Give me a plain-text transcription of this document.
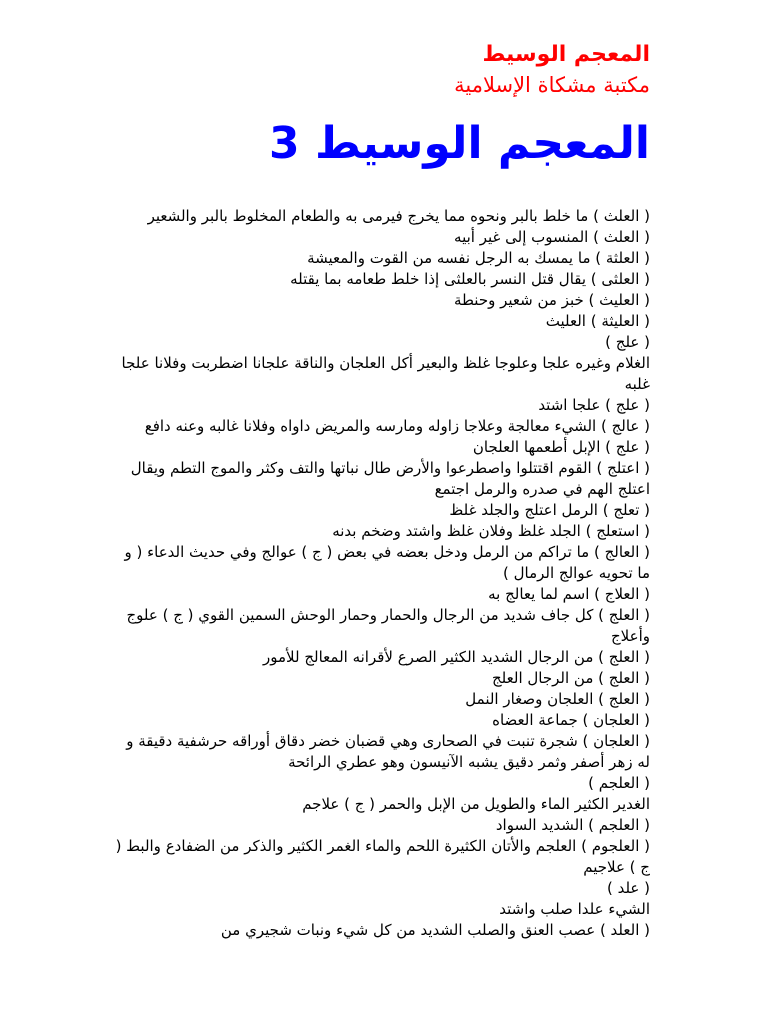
المعجم الوسيط

مكتبة مشكاة الإسلامية

المعجم الوسيط 3
( العلث ) ما خلط بالبر ونحوه مما يخرج فيرمى به والطعام المخلوط بالبر والشعير
( العلث ) المنسوب إلى غير أبيه
( العلثة ) ما يمسك به الرجل نفسه من القوت والمعيشة
( العلثى ) يقال قتل النسر بالعلثى إذا خلط طعامه بما يقتله
( العليث ) خبز من شعير وحنطة
( العليثة ) العليث
( علج )
الغلام وغيره علجا وعلوجا غلظ والبعير أكل العلجان والناقة علجانا اضطربت وفلانا علجا غلبه
( علج ) علجا اشتد
( عالج ) الشيء معالجة وعلاجا زاوله ومارسه والمريض داواه وفلانا غالبه وعنه دافع
( علج ) الإبل أطعمها العلجان
( اعتلج ) القوم اقتتلوا واصطرعوا والأرض طال نباتها والتف وكثر والموج التطم ويقال اعتلج الهم في صدره والرمل اجتمع
( تعلج ) الرمل اعتلج والجلد غلظ
( استعلج ) الجلد غلظ وفلان غلظ واشتد وضخم بدنه
( العالج ) ما تراكم من الرمل ودخل بعضه في بعض ( ج ) عوالج وفي حديث الدعاء ( و ما تحويه عوالج الرمال )
( العلاج ) اسم لما يعالج به
( العلج ) كل جاف شديد من الرجال والحمار وحمار الوحش السمين القوي ( ج ) علوج وأعلاج
( العلج ) من الرجال الشديد الكثير الصرع لأقرانه المعالج للأمور
( العلج ) من الرجال العلج
( العلج ) العلجان وصغار النمل
( العلجان ) جماعة العضاه
( العلجان ) شجرة تنبت في الصحارى وهي قضبان خضر دقاق أوراقه حرشفية دقيقة و له زهر أصفر وثمر دقيق يشبه الآنيسون وهو عطري الرائحة
( العلجم )
الغدير الكثير الماء والطويل من الإبل والحمر ( ج ) علاجم
( العلجم ) الشديد السواد
( العلجوم ) العلجم والأتان الكثيرة اللحم والماء الغمر الكثير والذكر من الضفادع والبط ( ج ) علاجيم
( علد )
الشيء علدا صلب واشتد
( العلد ) عصب العنق والصلب الشديد من كل شيء ونبات شجيري من
